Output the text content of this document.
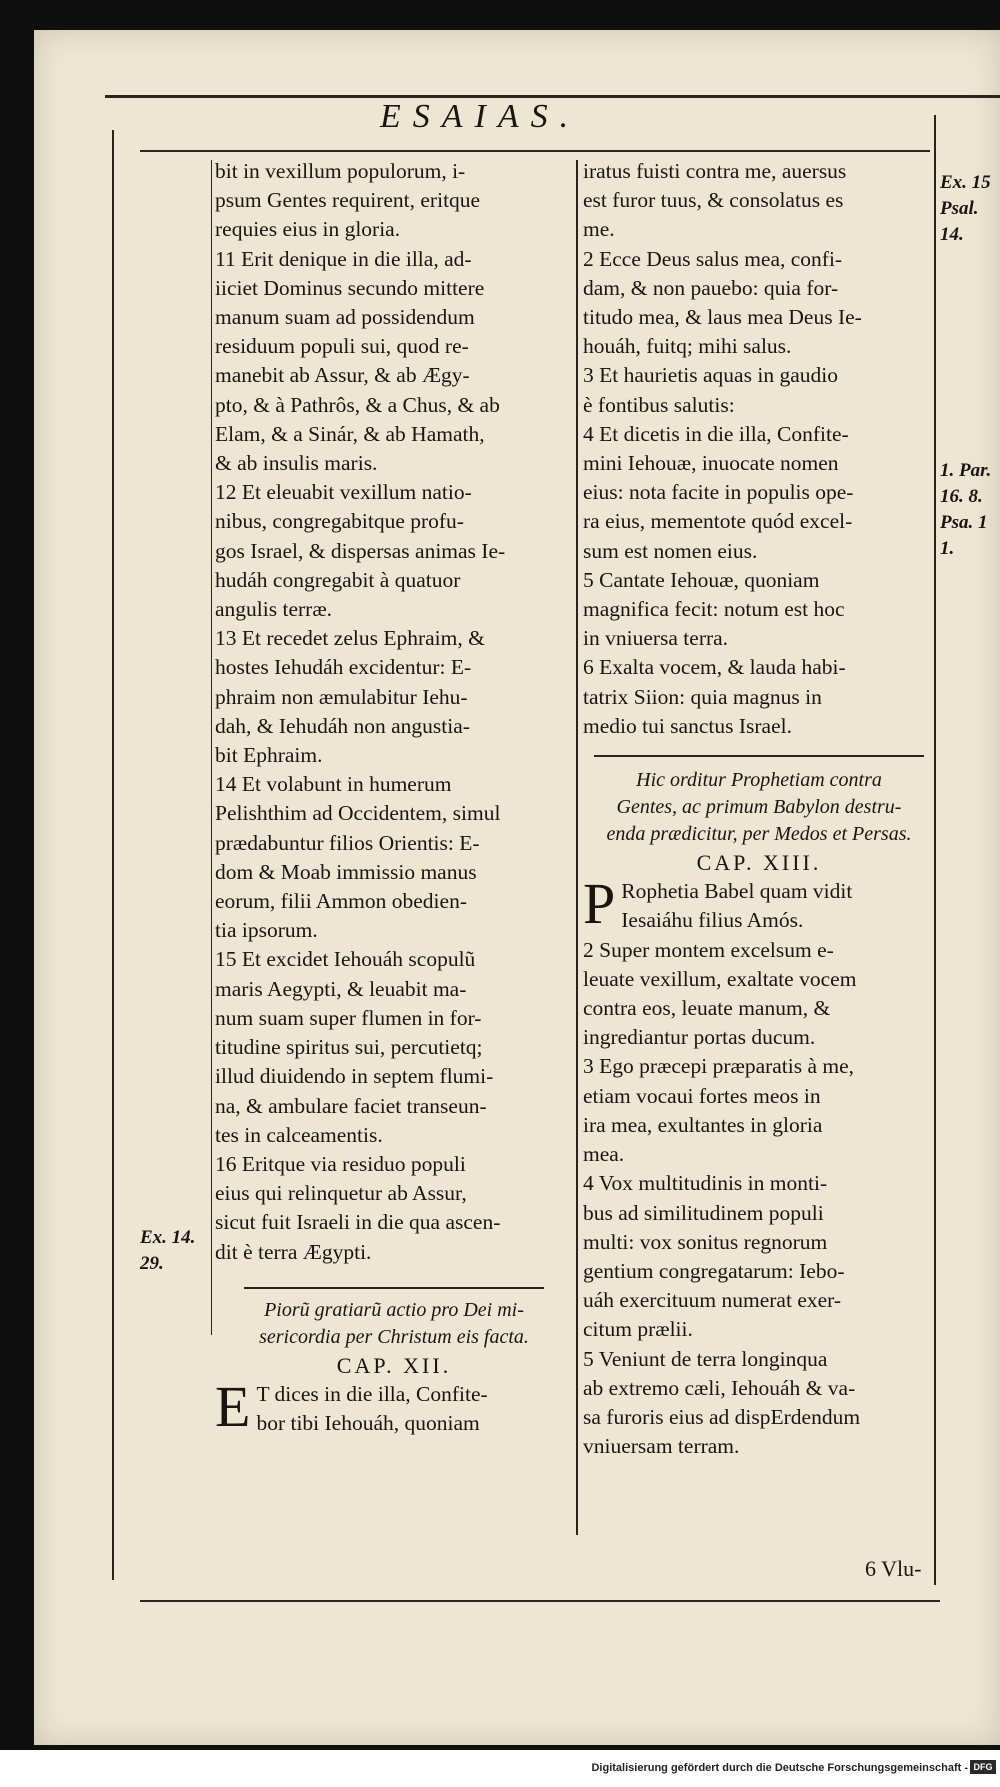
ESAIAS.

bit in vexillum populorum, i-

psum Gentes requirent, eritque

requies eius in gloria.

11 Erit denique in die illa, ad-

iiciet Dominus secundo mittere

manum suam ad possidendum

residuum populi sui, quod re-

manebit ab Assur, & ab Ægy-

pto, & à Pathrôs, & a Chus, & ab

Elam, & a Sinár, & ab Hamath,

& ab insulis maris.

12 Et eleuabit vexillum natio-

nibus, congregabitque profu-

gos Israel, & dispersas animas Ie-

hudáh congregabit à quatuor

angulis terræ.

13 Et recedet zelus Ephraim, &

hostes Iehudáh excidentur: E-

phraim non æmulabitur Iehu-

dah, & Iehudáh non angustia-

bit Ephraim.

14 Et volabunt in humerum

Pelishthim ad Occidentem, simul

prædabuntur filios Orientis: E-

dom & Moab immissio manus

eorum, filii Ammon obedien-

tia ipsorum.

15 Et excidet Iehouáh scopulũ

maris Aegypti, & leuabit ma-

num suam super flumen in for-

titudine spiritus sui, percutietq;

illud diuidendo in septem flumi-

na, & ambulare faciet transeun-

tes in calceamentis.

16 Eritque via residuo populi

eius qui relinquetur ab Assur,

sicut fuit Israeli in die qua ascen-

dit è terra Ægypti.

Piorũ gratiarũ actio pro Dei mi-

sericordia per Christum eis facta.

CAP. XII.

E T dices in die illa, Confite-

bor tibi Iehouáh, quoniam

iratus fuisti contra me, auersus

est furor tuus, & consolatus es

me.

2 Ecce Deus salus mea, confi-

dam, & non pauebo: quia for-

titudo mea, & laus mea Deus Ie-

houáh, fuitq; mihi salus.

3 Et haurietis aquas in gaudio

è fontibus salutis:

4 Et dicetis in die illa, Confite-

mini Iehouæ, inuocate nomen

eius: nota facite in populis ope-

ra eius, mementote quód excel-

sum est nomen eius.

5 Cantate Iehouæ, quoniam

magnifica fecit: notum est hoc

in vniuersa terra.

6 Exalta vocem, & lauda habi-

tatrix Siion: quia magnus in

medio tui sanctus Israel.

Hic orditur Prophetiam contra

Gentes, ac primum Babylon destru-

enda prædicitur, per Medos et Persas.

CAP. XIII.

P Rophetia Babel quam vidit

Iesaiáhu filius Amós.

2 Super montem excelsum e-

leuate vexillum, exaltate vocem

contra eos, leuate manum, &

ingrediantur portas ducum.

3 Ego præcepi præparatis à me,

etiam vocaui fortes meos in

ira mea, exultantes in gloria

mea.

4 Vox multitudinis in monti-

bus ad similitudinem populi

multi: vox sonitus regnorum

gentium congregatarum: Iebo-

uáh exercituum numerat exer-

citum prælii.

5 Veniunt de terra longinqua

ab extremo cæli, Iehouáh & va-

sa furoris eius ad dispErdendum

vniuersam terram.

6 Vlu-
Ex. 15
Psal.
14.
1. Par.
16. 8.
Psa. 1
1.
Ex. 14.
29.
Digitalisierung gefördert durch die Deutsche Forschungsgemeinschaft - DFG
